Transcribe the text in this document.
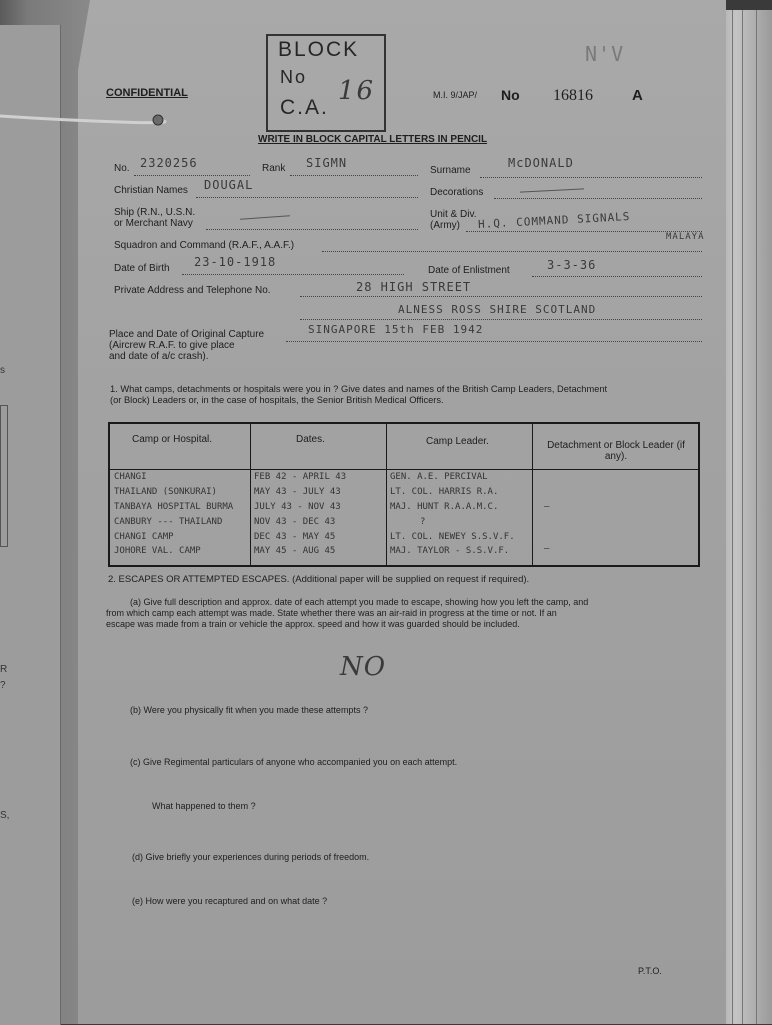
s
R
?
S,
BLOCK
No
C.A.
16
N'V
CONFIDENTIAL	M.I. 9/JAP/ No 16816	A
WRITE IN BLOCK CAPITAL LETTERS IN PENCIL
No. 2320256	Rank SIGMN
Surname
McDONALD
Christian Names DOUGAL
Decorations
Ship (R.N., U.S.N.
or Merchant Navy
Unit & Div.
(Army) H.Q. COMMAND SIGNALS
MALAYA
Squadron and Command (R.A.F., A.A.F.)
Date of Birth 23-10-1918
Date of Enlistment	3-3-36
Private Address and Telephone No.	28 HIGH STREET
ALNESS ROSS SHIRE SCOTLAND
Place and Date of Original Capture
(Aircrew R.A.F. to give place
and date of a/c crash).
SINGAPORE 15th FEB 1942
1. What camps, detachments or hospitals were you in ? Give dates and names of the British Camp Leaders, Detachment
(or Block) Leaders or, in the case of hospitals, the Senior British Medical Officers.
Camp or Hospital.	Dates.	Camp Leader.	Detachment or Block Leader (if any).
CHANGI	FEB 42 - APRIL 43	GEN. A.E. PERCIVAL
THAILAND (SONKURAI)	MAY 43 - JULY 43	LT. COL. HARRIS R.A.
TANBAYA HOSPITAL BURMA JULY 43 - NOV 43	MAJ. HUNT R.A.A.M.C.	—
CANBURY --- THAILAND	NOV 43 - DEC 43	?
CHANGI CAMP	DEC 43 - MAY 45	LT. COL. NEWEY S.S.V.F.
JOHORE VAL. CAMP	MAY 45 - AUG 45	MAJ. TAYLOR - S.S.V.F.	—
2. ESCAPES OR ATTEMPTED ESCAPES. (Additional paper will be supplied on request if required).
(a) Give full description and approx. date of each attempt you made to escape, showing how you left the camp, and
from which camp each attempt was made. State whether there was an air-raid in progress at the time or not. If an
escape was made from a train or vehicle the approx. speed and how it was guarded should be included.
NO
(b) Were you physically fit when you made these attempts ?
(c) Give Regimental particulars of anyone who accompanied you on each attempt.
What happened to them ?
(d) Give briefly your experiences during periods of freedom.
(e) How were you recaptured and on what date ?
P.T.O.
